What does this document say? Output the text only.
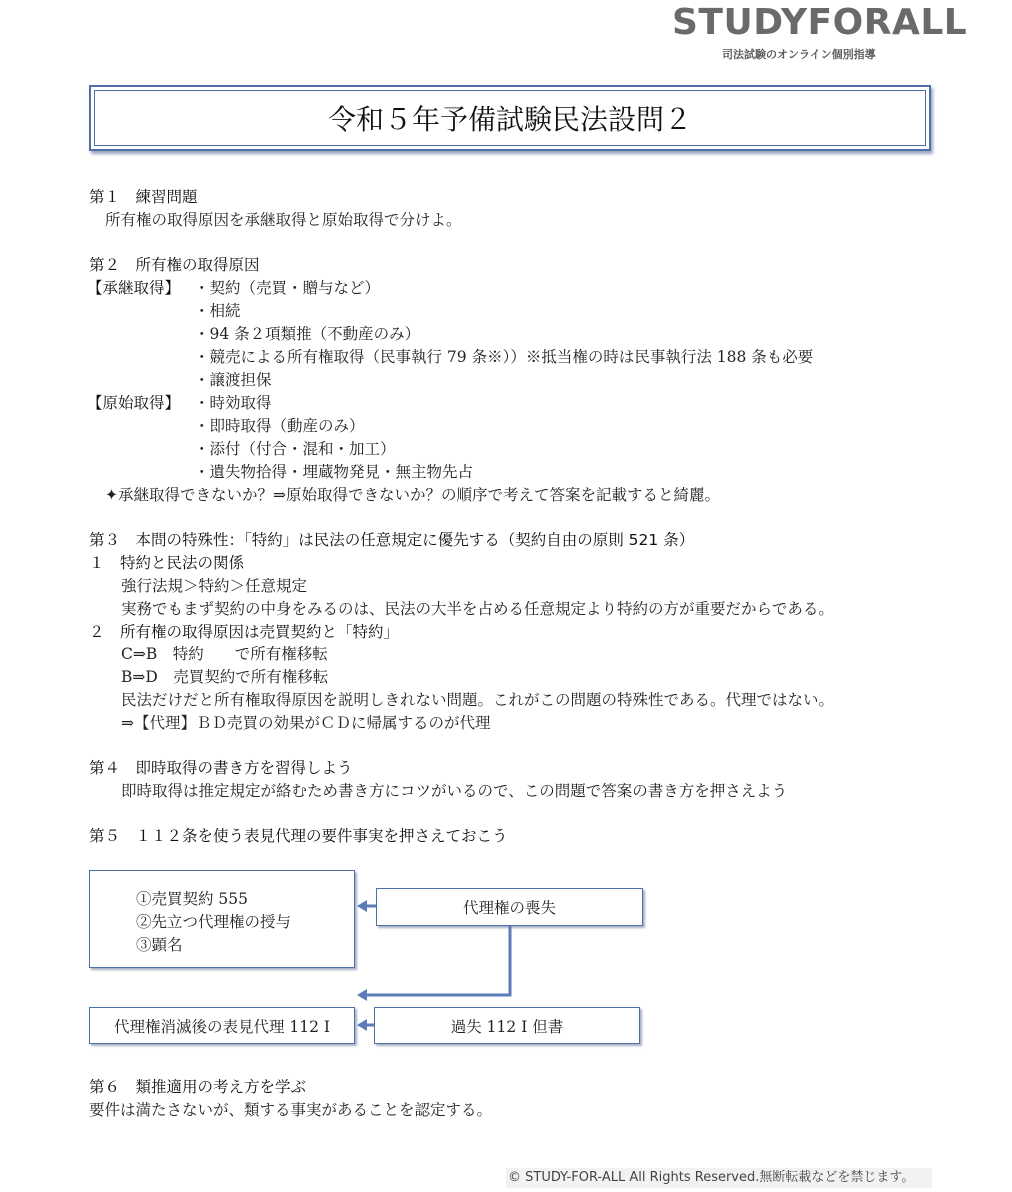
STUDYFORALL
司法試験のオンライン個別指導
令和５年予備試験民法設問２
第１　練習問題
所有権の取得原因を承継取得と原始取得で分けよ。
第２　所有権の取得原因
【承継取得】 ・契約（売買・贈与など）
・相続
・94 条２項類推（不動産のみ）
・競売による所有権取得（民事執行 79 条※））※抵当権の時は民事執行法 188 条も必要
・譲渡担保
【原始取得】 ・時効取得
・即時取得（動産のみ）
・添付（付合・混和・加工）
・遺失物拾得・埋蔵物発見・無主物先占
✦承継取得できないか？⇒原始取得できないか？の順序で考えて答案を記載すると綺麗。
第３　本問の特殊性：「特約」は民法の任意規定に優先する（契約自由の原則 521 条）
１　特約と民法の関係
強行法規＞特約＞任意規定
実務でもまず契約の中身をみるのは、民法の大半を占める任意規定より特約の方が重要だからである。
２　所有権の取得原因は売買契約と「特約」
C⇒B　特約　　で所有権移転
B⇒D　売買契約で所有権移転
民法だけだと所有権取得原因を説明しきれない問題。これがこの問題の特殊性である。代理ではない。
⇒【代理】ＢＤ売買の効果がＣＤに帰属するのが代理
第４　即時取得の書き方を習得しよう
即時取得は推定規定が絡むため書き方にコツがいるので、この問題で答案の書き方を押さえよう
第５　１１２条を使う表見代理の要件事実を押さえておこう
①売買契約 555
②先立つ代理権の授与
③顕名
代理権の喪失
代理権消滅後の表見代理 112 I	過失 112 I 但書
第６　類推適用の考え方を学ぶ
要件は満たさないが、類する事実があることを認定する。
© STUDY-FOR-ALL All Rights Reserved.無断転載などを禁じます。
